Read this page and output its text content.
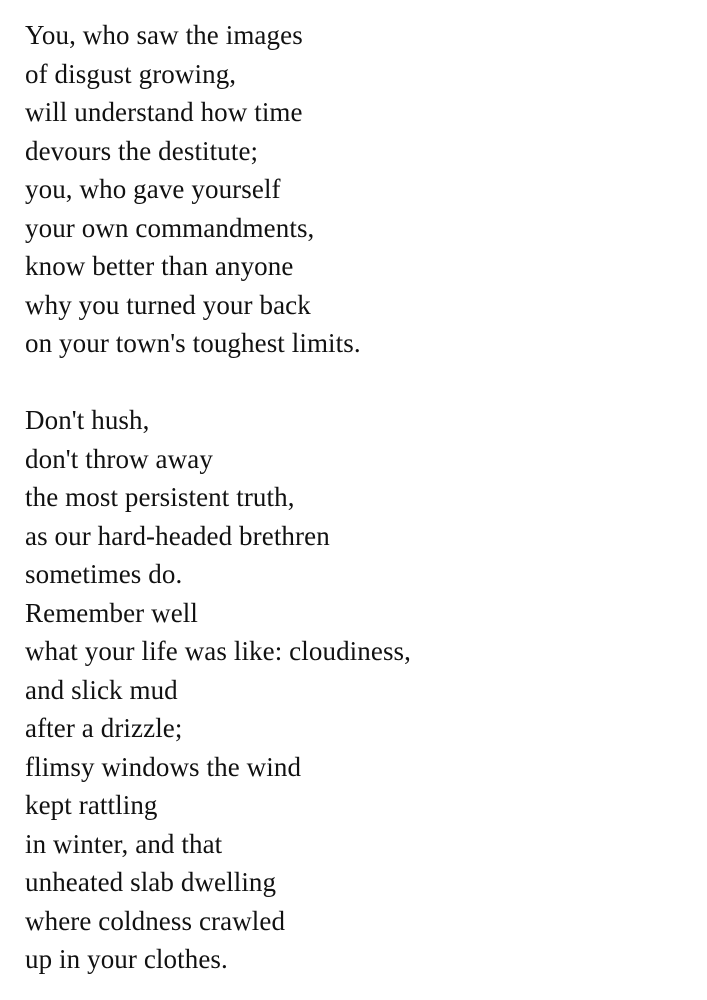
You, who saw the images
of disgust growing,
will understand how time
devours the destitute;
you, who gave yourself
your own commandments,
know better than anyone
why you turned your back
on your town's toughest limits.
Don't hush,
don't throw away
the most persistent truth,
as our hard-headed brethren
sometimes do.
Remember well
what your life was like: cloudiness,
and slick mud
after a drizzle;
flimsy windows the wind
kept rattling
in winter, and that
unheated slab dwelling
where coldness crawled
up in your clothes.
